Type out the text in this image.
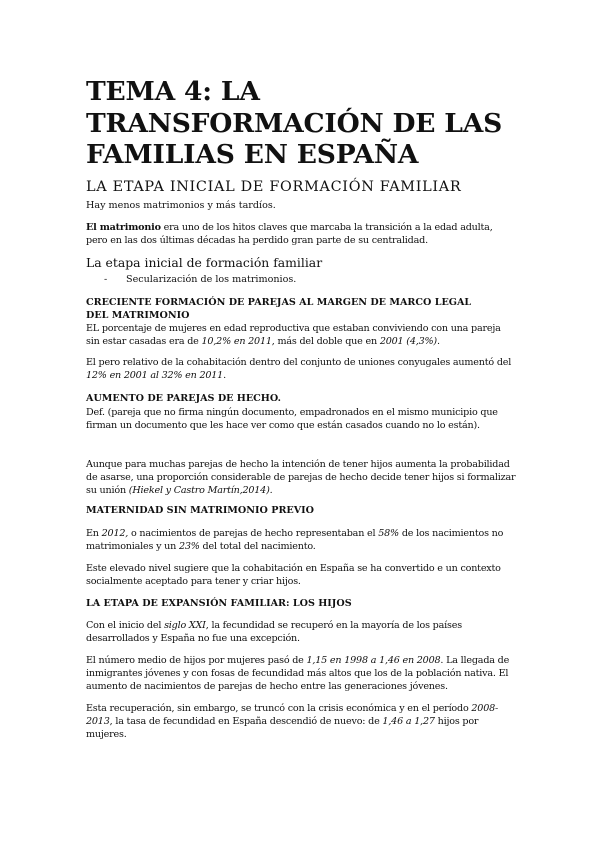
TEMA 4: LA TRANSFORMACIÓN DE LAS FAMILIAS EN ESPAÑA
LA ETAPA INICIAL DE FORMACIÓN FAMILIAR
Hay menos matrimonios y más tardíos.
El matrimonio era uno de los hitos claves que marcaba la transición a la edad adulta, pero en las dos últimas décadas ha perdido gran parte de su centralidad.
La etapa inicial de formación familiar
- Secularización de los matrimonios.
CRECIENTE FORMACIÓN DE PAREJAS AL MARGEN DE MARCO LEGAL
DEL MATRIMONIO
EL porcentaje de mujeres en edad reproductiva que estaban conviviendo con una pareja sin estar casadas era de 10,2% en 2011, más del doble que en 2001 (4,3%).
El pero relativo de la cohabitación dentro del conjunto de uniones conyugales aumentó del 12% en 2001 al 32% en 2011.
AUMENTO DE PAREJAS DE HECHO.
Def. (pareja que no firma ningún documento, empadronados en el mismo municipio que firman un documento que les hace ver como que están casados cuando no lo están).
Aunque para muchas parejas de hecho la intención de tener hijos aumenta la probabilidad de asarse, una proporción considerable de parejas de hecho decide tener hijos si formalizar su unión (Hiekel y Castro Martín,2014).
MATERNIDAD SIN MATRIMONIO PREVIO
En 2012, o nacimientos de parejas de hecho representaban el 58% de los nacimientos no matrimoniales y un 23% del total del nacimiento.
Este elevado nivel sugiere que la cohabitación en España se ha convertido e un contexto socialmente aceptado para tener y criar hijos.
LA ETAPA DE EXPANSIÓN FAMILIAR: LOS HIJOS
Con el inicio del siglo XXI, la fecundidad se recuperó en la mayoría de los países desarrollados y España no fue una excepción.
El número medio de hijos por mujeres pasó de 1,15 en 1998 a 1,46 en 2008. La llegada de inmigrantes jóvenes y con fosas de fecundidad más altos que los de la población nativa. El aumento de nacimientos de parejas de hecho entre las generaciones jóvenes.
Esta recuperación, sin embargo, se truncó con la crisis económica y en el período 2008-2013, la tasa de fecundidad en España descendió de nuevo: de 1,46 a 1,27 hijos por mujeres.
